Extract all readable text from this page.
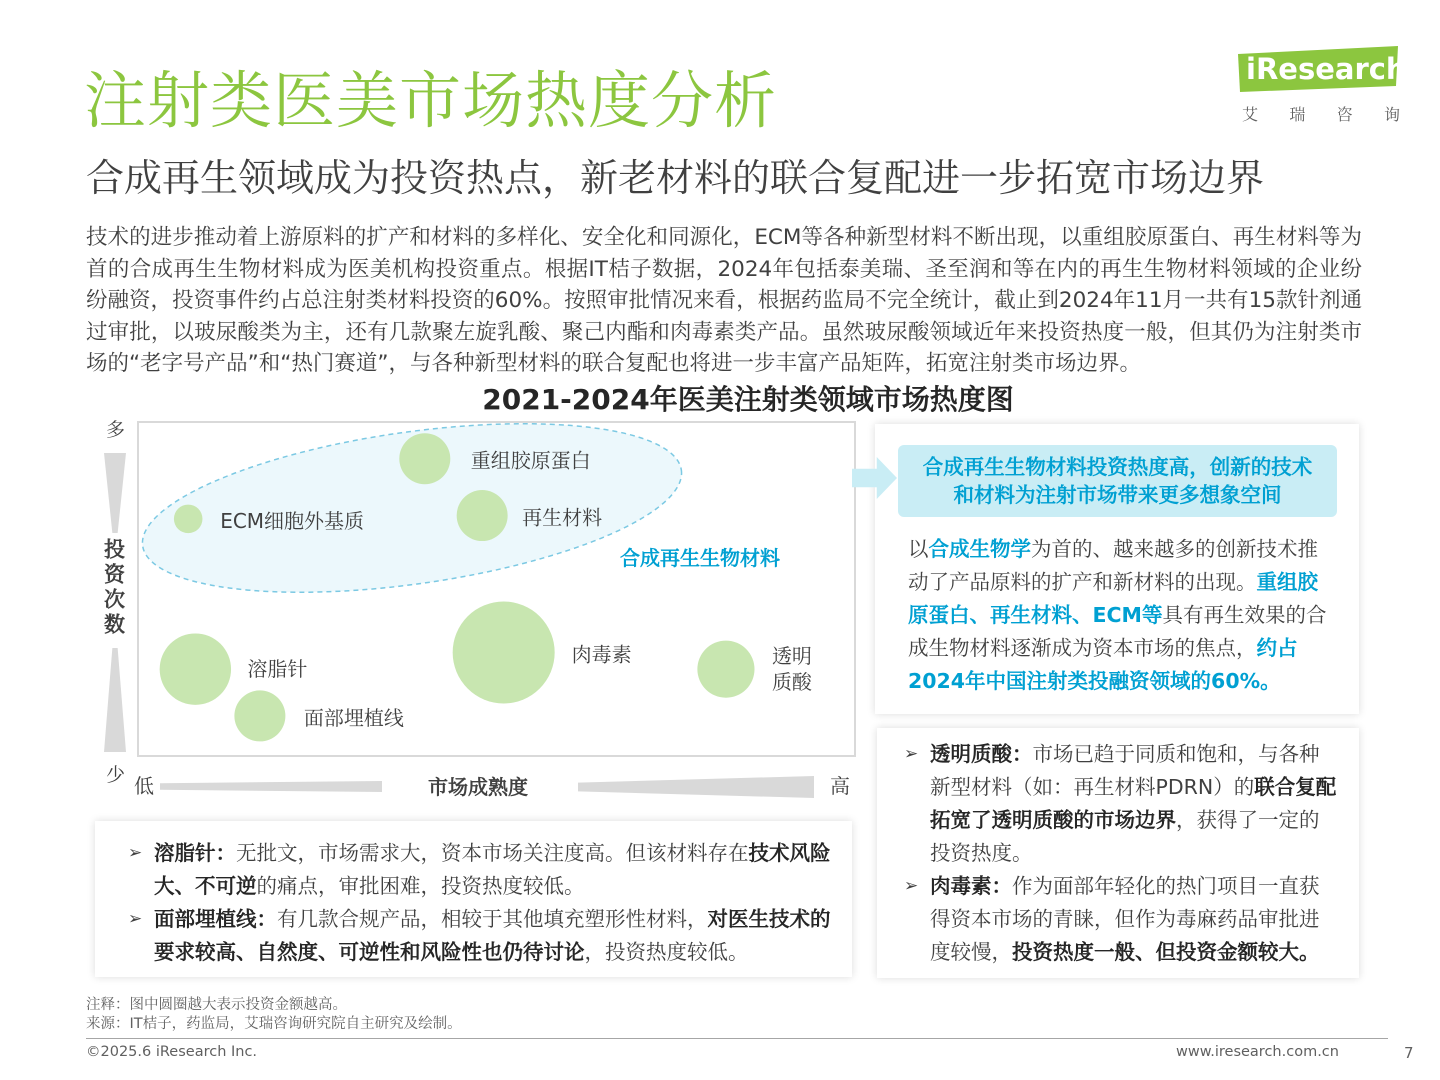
注射类医美市场热度分析
合成再生领域成为投资热点，新老材料的联合复配进一步拓宽市场边界
iResearch
艾 瑞 咨 询
技术的进步推动着上游原料的扩产和材料的多样化、安全化和同源化，ECM等各种新型材料不断出现，以重组胶原蛋白、再生材料等为首的合成再生生物材料成为医美机构投资重点。根据IT桔子数据，2024年包括泰美瑞、圣至润和等在内的再生生物材料领域的企业纷纷融资，投资事件约占总注射类材料投资的60%。按照审批情况来看，根据药监局不完全统计，截止到2024年11月一共有15款针剂通过审批，以玻尿酸类为主，还有几款聚左旋乳酸、聚己内酯和肉毒素类产品。虽然玻尿酸领域近年来投资热度一般，但其仍为注射类市场的“老字号产品”和“热门赛道”，与各种新型材料的联合复配也将进一步丰富产品矩阵，拓宽注射类市场边界。
2021-2024年医美注射类领域市场热度图
多
投资次数
少
合成再生生物材料
重组胶原蛋白
ECM细胞外基质	再生材料
肉毒素	透明
质酸
溶脂针
面部埋植线
低	市场成熟度	高
合成再生生物材料投资热度高，创新的技术和材料为注射市场带来更多想象空间
以合成生物学为首的、越来越多的创新技术推动了产品原料的扩产和新材料的出现。重组胶原蛋白、再生材料、ECM等具有再生效果的合成生物材料逐渐成为资本市场的焦点，约占2024年中国注射类投融资领域的60%。
➢ 透明质酸：市场已趋于同质和饱和，与各种新型材料（如：再生材料PDRN）的联合复配拓宽了透明质酸的市场边界，获得了一定的投资热度。
➢ 肉毒素：作为面部年轻化的热门项目一直获得资本市场的青睐，但作为毒麻药品审批进度较慢，投资热度一般、但投资金额较大。
➢ 溶脂针：无批文，市场需求大，资本市场关注度高。但该材料存在技术风险大、不可逆的痛点，审批困难，投资热度较低。
➢ 面部埋植线：有几款合规产品，相较于其他填充塑形性材料，对医生技术的要求较高、自然度、可逆性和风险性也仍待讨论，投资热度较低。
注释：图中圆圈越大表示投资金额越高。
来源：IT桔子，药监局，艾瑞咨询研究院自主研究及绘制。
©2025.6 iResearch Inc.	www.iresearch.com.cn	7
